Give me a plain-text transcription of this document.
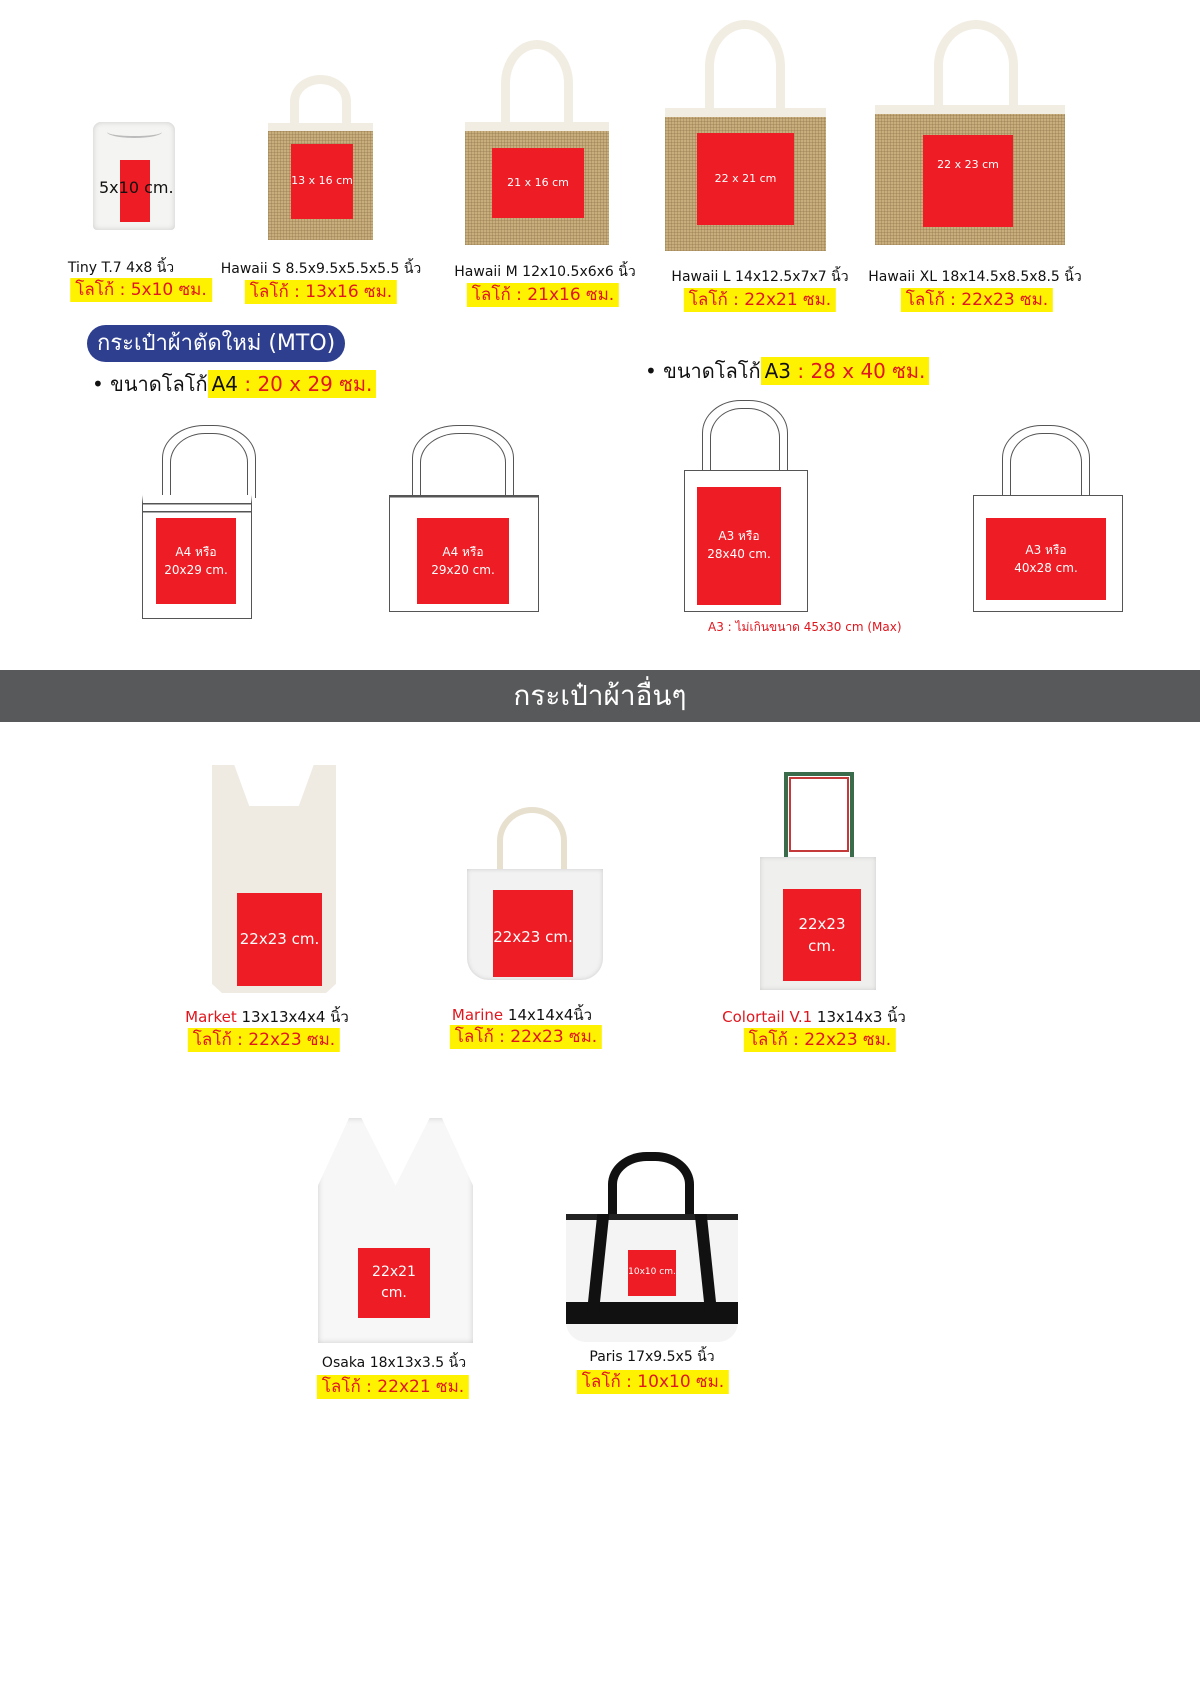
5x10 cm.
Tiny T.7 4x8 นิ้ว
โลโก้ : 5x10 ซม.
13 x 16 cm
Hawaii S 8.5x9.5x5.5x5.5 นิ้ว
โลโก้ : 13x16 ซม.
21 x 16 cm
Hawaii M 12x10.5x6x6 นิ้ว
โลโก้ : 21x16 ซม.
22 x 21 cm
Hawaii L 14x12.5x7x7 นิ้ว
โลโก้ : 22x21 ซม.
22 x 23 cm
Hawaii XL 18x14.5x8.5x8.5 นิ้ว
โลโก้ : 22x23 ซม.
กระเป๋าผ้าตัดใหม่ (MTO)
• ขนาดโลโก้ A4 : 20 x 29 ซม.
• ขนาดโลโก้ A3 : 28 x 40 ซม.
A4 หรือ
20x29 cm.
A4 หรือ
29x20 cm.
A3 หรือ
28x40 cm.
A3 : ไม่เกินขนาด 45x30 cm (Max)
A3 หรือ
40x28 cm.
กระเป๋าผ้าอื่นๆ
22x23 cm.
Market 13x13x4x4 นิ้ว
โลโก้ : 22x23 ซม.
22x23 cm.
Marine 14x14x4นิ้ว
โลโก้ : 22x23 ซม.
22x23 cm.
Colortail V.1 13x14x3 นิ้ว
โลโก้ : 22x23 ซม.
22x21 cm.
Osaka 18x13x3.5 นิ้ว
โลโก้ : 22x21 ซม.
10x10 cm.
Paris 17x9.5x5 นิ้ว
โลโก้ : 10x10 ซม.
